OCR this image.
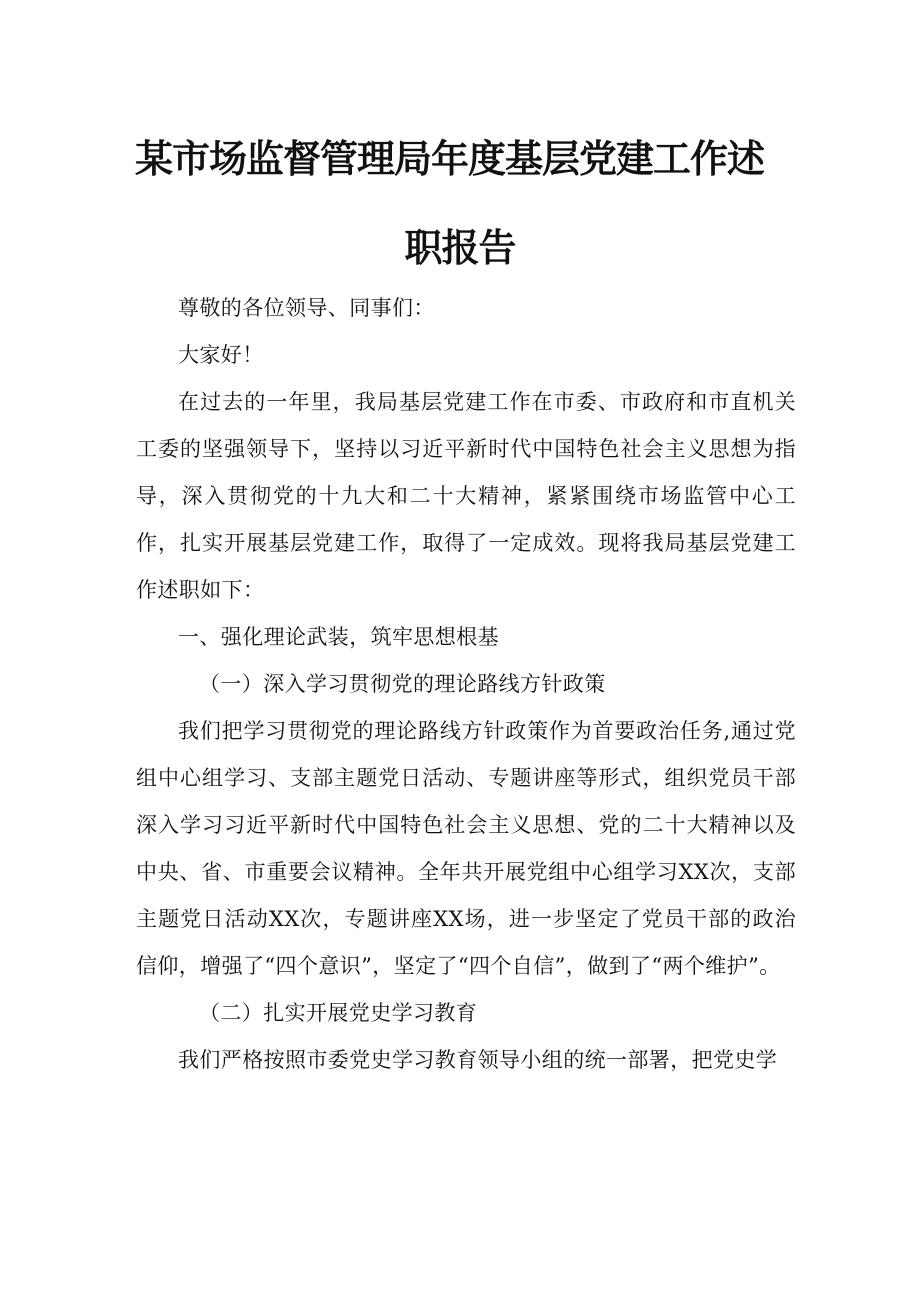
某市场监督管理局年度基层党建工作述
职报告

尊敬的各位领导、同事们：

大家好！

在过去的一年里，我局基层党建工作在市委、市政府和市直机关工委的坚强领导下，坚持以习近平新时代中国特色社会主义思想为指导，深入贯彻党的十九大和二十大精神，紧紧围绕市场监管中心工作，扎实开展基层党建工作，取得了一定成效。现将我局基层党建工作述职如下：

一、强化理论武装，筑牢思想根基

（一）深入学习贯彻党的理论路线方针政策

我们把学习贯彻党的理论路线方针政策作为首要政治任务,通过党组中心组学习、支部主题党日活动、专题讲座等形式，组织党员干部深入学习习近平新时代中国特色社会主义思想、党的二十大精神以及中央、省、市重要会议精神。全年共开展党组中心组学习XX次，支部主题党日活动XX次，专题讲座XX场，进一步坚定了党员干部的政治信仰，增强了“四个意识”，坚定了“四个自信”，做到了“两个维护”。

（二）扎实开展党史学习教育

我们严格按照市委党史学习教育领导小组的统一部署，把党史学
